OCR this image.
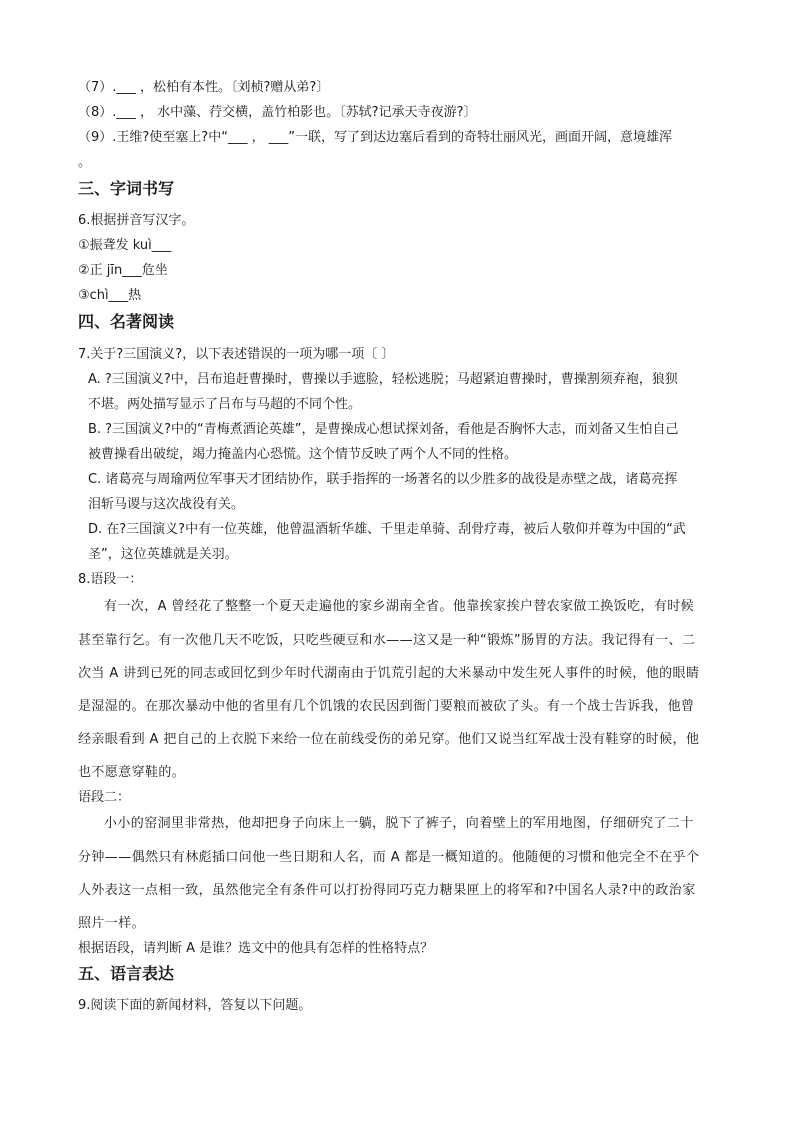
（7）.___ ，松柏有本性。〔刘桢?赠从弟?〕
（8）.___ ， 水中藻、荇交横，盖竹柏影也。〔苏轼?记承天寺夜游?〕
（9）.王维?使至塞上?中“___ ， ___”一联，写了到达边塞后看到的奇特壮丽风光，画面开阔，意境雄浑
。
三、字词书写
6.根据拼音写汉字。
①振聋发 kuì___
②正 jīn___危坐
③chì___热
四、名著阅读
7.关于?三国演义?，以下表述错误的一项为哪一项〔 〕
A. ?三国演义?中，吕布追赶曹操时，曹操以手遮脸，轻松逃脱；马超紧迫曹操时，曹操割须弃袍，狼狈
不堪。两处描写显示了吕布与马超的不同个性。
B. ?三国演义?中的“青梅煮酒论英雄”，是曹操成心想试探刘备，看他是否胸怀大志，而刘备又生怕自己
被曹操看出破绽，竭力掩盖内心恐慌。这个情节反映了两个人不同的性格。
C. 诸葛亮与周瑜两位军事天才团结协作，联手指挥的一场著名的以少胜多的战役是赤壁之战，诸葛亮挥
泪斩马谡与这次战役有关。
D. 在?三国演义?中有一位英雄，他曾温酒斩华雄、千里走单骑、刮骨疗毒，被后人敬仰并尊为中国的“武
圣”，这位英雄就是关羽。
8.语段一：
有一次，A 曾经花了整整一个夏天走遍他的家乡湖南全省。他靠挨家挨户替农家做工换饭吃，有时候
甚至靠行乞。有一次他几天不吃饭，只吃些硬豆和水——这又是一种“锻炼”肠胃的方法。我记得有一、二
次当 A 讲到已死的同志或回忆到少年时代湖南由于饥荒引起的大米暴动中发生死人事件的时候，他的眼睛
是湿湿的。在那次暴动中他的省里有几个饥饿的农民因到衙门要粮而被砍了头。有一个战士告诉我，他曾
经亲眼看到 A 把自己的上衣脱下来给一位在前线受伤的弟兄穿。他们又说当红军战士没有鞋穿的时候，他
也不愿意穿鞋的。
语段二：
小小的窑洞里非常热，他却把身子向床上一躺，脱下了裤子，向着壁上的军用地图，仔细研究了二十
分钟——偶然只有林彪插口问他一些日期和人名，而 A 都是一概知道的。他随便的习惯和他完全不在乎个
人外表这一点相一致，虽然他完全有条件可以打扮得同巧克力糖果匣上的将军和?中国名人录?中的政治家
照片一样。
根据语段，请判断 A 是谁？选文中的他具有怎样的性格特点？
五、语言表达
9.阅读下面的新闻材料，答复以下问题。
